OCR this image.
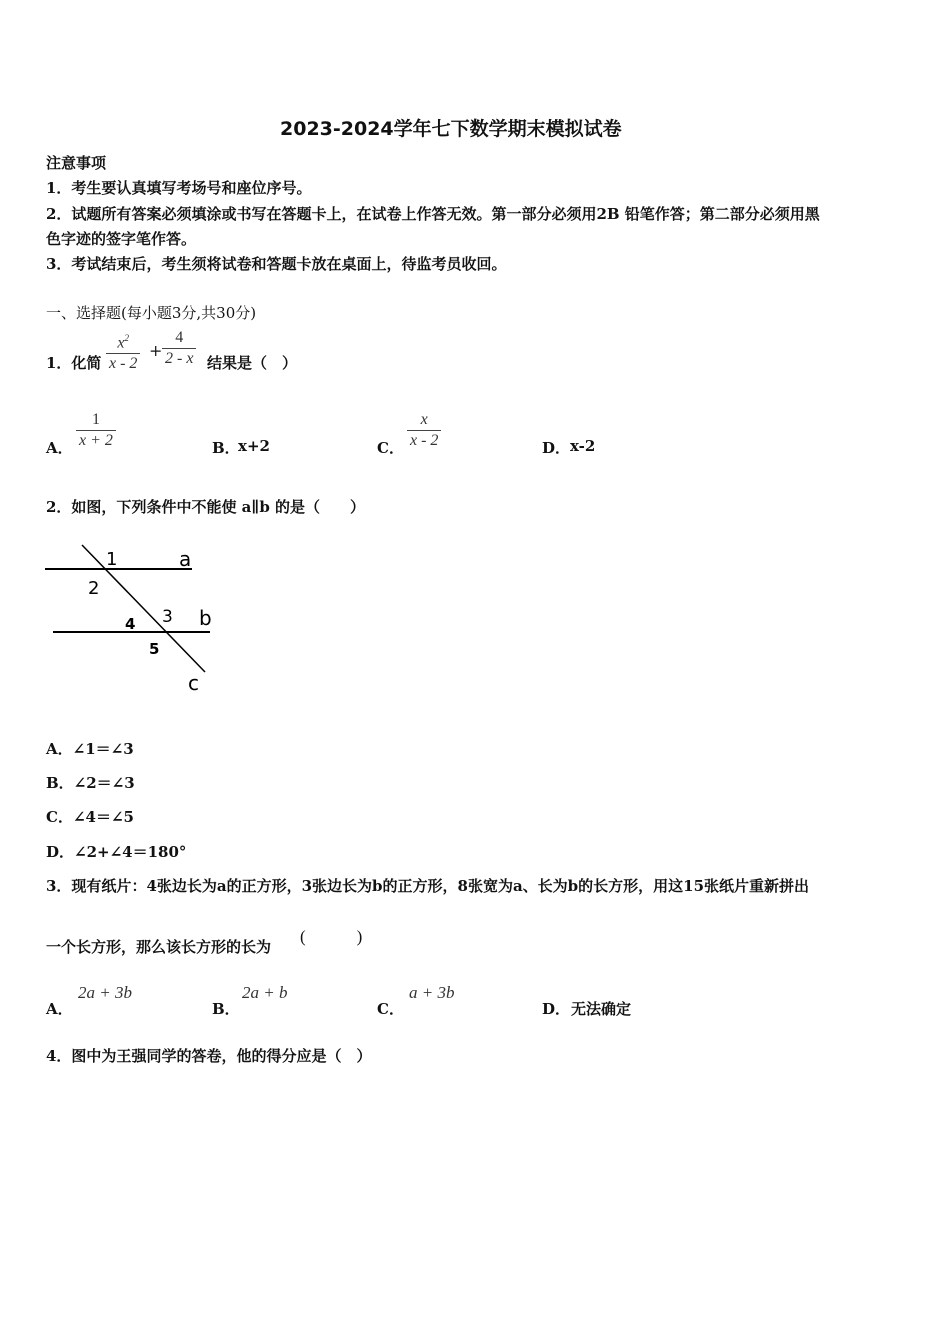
2023-2024学年七下数学期末模拟试卷
注意事项
1．考生要认真填写考场号和座位序号。
2．试题所有答案必须填涂或书写在答题卡上，在试卷上作答无效。第一部分必须用2B 铅笔作答；第二部分必须用黑
色字迹的签字笔作答。
3．考试结束后，考生须将试卷和答题卡放在桌面上，待监考员收回。
一、选择题(每小题3分,共30分)
1．化简 $\frac{x^2}{x - 2} + \frac{4}{2 - x}$ 结果是（　）
A． $\frac{1}{x + 2}$	B．
x+2	C． $\frac{x}{x - 2}$	D． x-2
2．如图，下列条件中不能使 a∥b 的是（　　）
1
2
3
4
5
a
b
c
A．∠1＝∠3
B．∠2＝∠3
C．∠4＝∠5
D．∠2+∠4＝180°
3．现有纸片：4张边长为a的正方形，3张边长为b的正方形，8张宽为a、长为b的长方形，用这15张纸片重新拼出
一个长方形，那么该长方形的长为
(　　　)
A．
2a + 3b
B．
2a + b
C．
a + 3b
D． 无法确定
4．图中为王强同学的答卷，他的得分应是（　）
